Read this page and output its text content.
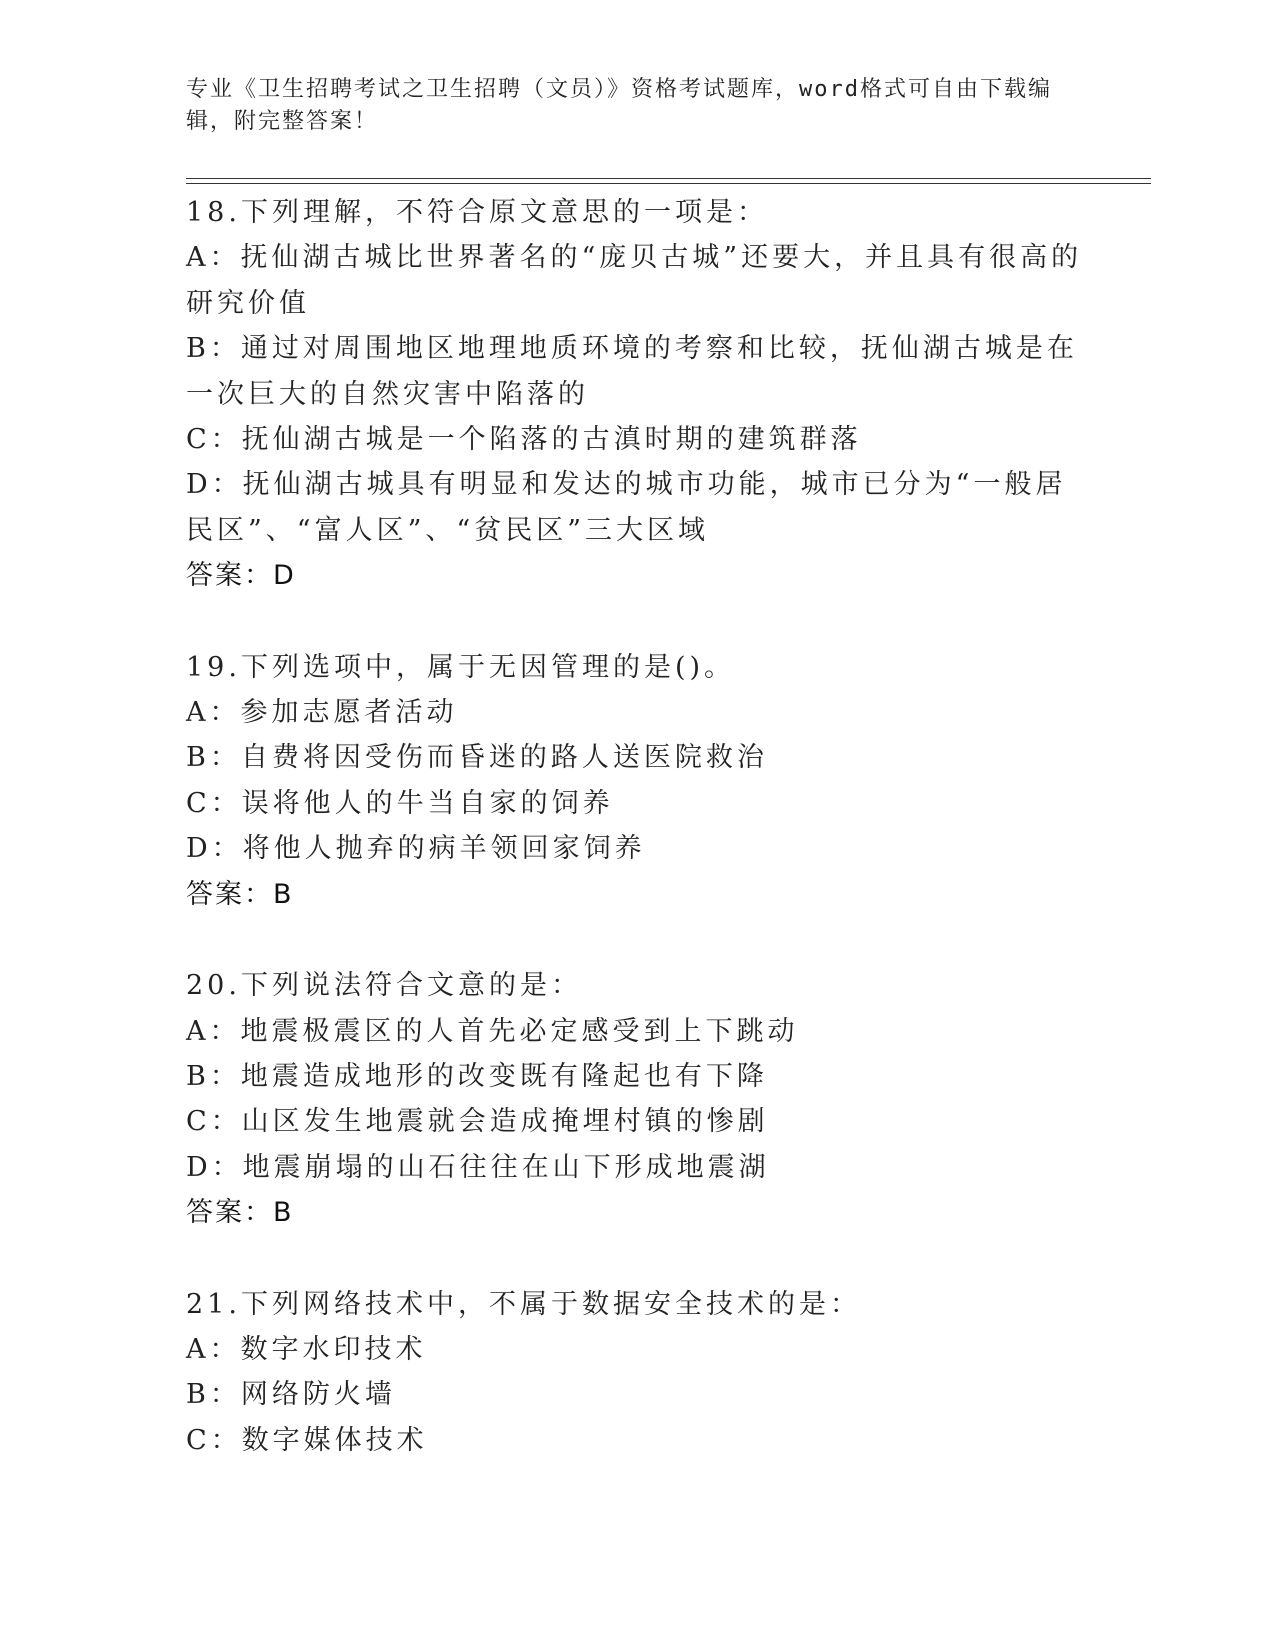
专业《卫生招聘考试之卫生招聘（文员）》资格考试题库，word格式可自由下载编辑，附完整答案！
18.下列理解，不符合原文意思的一项是：
A：抚仙湖古城比世界著名的“庞贝古城”还要大，并且具有很高的研究价值
B：通过对周围地区地理地质环境的考察和比较，抚仙湖古城是在一次巨大的自然灾害中陷落的
C：抚仙湖古城是一个陷落的古滇时期的建筑群落
D：抚仙湖古城具有明显和发达的城市功能，城市已分为“一般居民区”、“富人区”、“贫民区”三大区域
答案：D
19.下列选项中，属于无因管理的是()。
A：参加志愿者活动
B：自费将因受伤而昏迷的路人送医院救治
C：误将他人的牛当自家的饲养
D：将他人抛弃的病羊领回家饲养
答案：B
20.下列说法符合文意的是：
A：地震极震区的人首先必定感受到上下跳动
B：地震造成地形的改变既有隆起也有下降
C：山区发生地震就会造成掩埋村镇的惨剧
D：地震崩塌的山石往往在山下形成地震湖
答案：B
21.下列网络技术中，不属于数据安全技术的是：
A：数字水印技术
B：网络防火墙
C：数字媒体技术
